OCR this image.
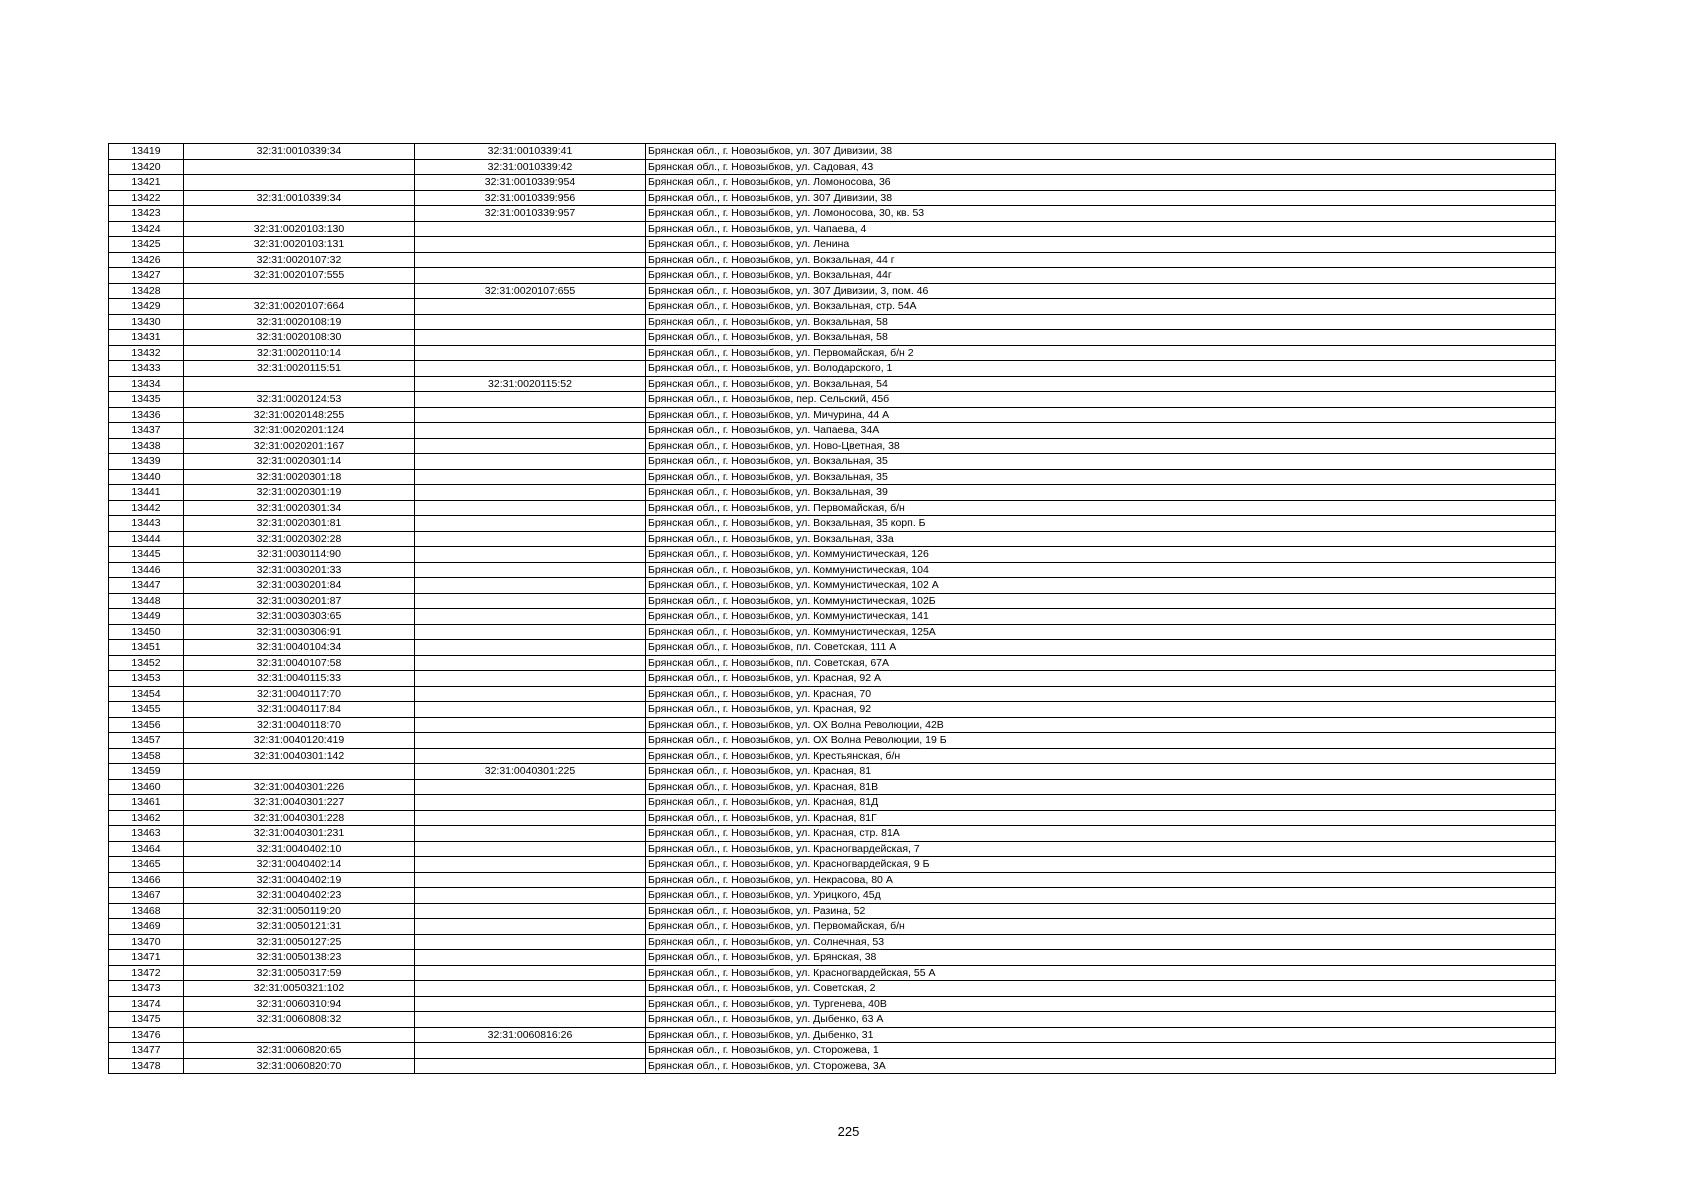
13419	32:31:0010339:34	32:31:0010339:41	Брянская обл., г. Новозыбков, ул. 307 Дивизии, 38
13420		32:31:0010339:42	Брянская обл., г. Новозыбков, ул. Садовая, 43
13421		32:31:0010339:954	Брянская обл., г. Новозыбков, ул. Ломоносова, 36
13422	32:31:0010339:34	32:31:0010339:956	Брянская обл., г. Новозыбков, ул. 307 Дивизии, 38
13423		32:31:0010339:957	Брянская обл., г. Новозыбков, ул. Ломоносова, 30, кв. 53
13424	32:31:0020103:130		Брянская обл., г. Новозыбков, ул. Чапаева, 4
13425	32:31:0020103:131		Брянская обл., г. Новозыбков, ул. Ленина
13426	32:31:0020107:32		Брянская обл., г. Новозыбков, ул. Вокзальная, 44 г
13427	32:31:0020107:555		Брянская обл., г. Новозыбков, ул. Вокзальная, 44г
13428		32:31:0020107:655	Брянская обл., г. Новозыбков, ул. 307 Дивизии, 3, пом. 46
13429	32:31:0020107:664		Брянская обл., г. Новозыбков, ул. Вокзальная, стр. 54А
13430	32:31:0020108:19		Брянская обл., г. Новозыбков, ул. Вокзальная, 58
13431	32:31:0020108:30		Брянская обл., г. Новозыбков, ул. Вокзальная, 58
13432	32:31:0020110:14		Брянская обл., г. Новозыбков, ул. Первомайская, б/н 2
13433	32:31:0020115:51		Брянская обл., г. Новозыбков, ул. Володарского, 1
13434		32:31:0020115:52	Брянская обл., г. Новозыбков, ул. Вокзальная, 54
13435	32:31:0020124:53		Брянская обл., г. Новозыбков, пер. Сельский, 45б
13436	32:31:0020148:255		Брянская обл., г. Новозыбков, ул. Мичурина, 44 А
13437	32:31:0020201:124		Брянская обл., г. Новозыбков, ул. Чапаева, 34А
13438	32:31:0020201:167		Брянская обл., г. Новозыбков, ул. Ново-Цветная, 38
13439	32:31:0020301:14		Брянская обл., г. Новозыбков, ул. Вокзальная, 35
13440	32:31:0020301:18		Брянская обл., г. Новозыбков, ул. Вокзальная, 35
13441	32:31:0020301:19		Брянская обл., г. Новозыбков, ул. Вокзальная, 39
13442	32:31:0020301:34		Брянская обл., г. Новозыбков, ул. Первомайская, б/н
13443	32:31:0020301:81		Брянская обл., г. Новозыбков, ул. Вокзальная, 35 корп. Б
13444	32:31:0020302:28		Брянская обл., г. Новозыбков, ул. Вокзальная, 33а
13445	32:31:0030114:90		Брянская обл., г. Новозыбков, ул. Коммунистическая, 126
13446	32:31:0030201:33		Брянская обл., г. Новозыбков, ул. Коммунистическая, 104
13447	32:31:0030201:84		Брянская обл., г. Новозыбков, ул. Коммунистическая, 102 А
13448	32:31:0030201:87		Брянская обл., г. Новозыбков, ул. Коммунистическая, 102Б
13449	32:31:0030303:65		Брянская обл., г. Новозыбков, ул. Коммунистическая, 141
13450	32:31:0030306:91		Брянская обл., г. Новозыбков, ул. Коммунистическая, 125А
13451	32:31:0040104:34		Брянская обл., г. Новозыбков, пл. Советская, 111 А
13452	32:31:0040107:58		Брянская обл., г. Новозыбков, пл. Советская, 67А
13453	32:31:0040115:33		Брянская обл., г. Новозыбков, ул. Красная, 92 А
13454	32:31:0040117:70		Брянская обл., г. Новозыбков, ул. Красная, 70
13455	32:31:0040117:84		Брянская обл., г. Новозыбков, ул. Красная, 92
13456	32:31:0040118:70		Брянская обл., г. Новозыбков, ул. ОХ Волна Революции, 42В
13457	32:31:0040120:419		Брянская обл., г. Новозыбков, ул. ОХ Волна Революции, 19 Б
13458	32:31:0040301:142		Брянская обл., г. Новозыбков, ул. Крестьянская, б/н
13459		32:31:0040301:225	Брянская обл., г. Новозыбков, ул. Красная, 81
13460	32:31:0040301:226		Брянская обл., г. Новозыбков, ул. Красная, 81В
13461	32:31:0040301:227		Брянская обл., г. Новозыбков, ул. Красная, 81Д
13462	32:31:0040301:228		Брянская обл., г. Новозыбков, ул. Красная, 81Г
13463	32:31:0040301:231		Брянская обл., г. Новозыбков, ул. Красная, стр. 81А
13464	32:31:0040402:10		Брянская обл., г. Новозыбков, ул. Красногвардейская, 7
13465	32:31:0040402:14		Брянская обл., г. Новозыбков, ул. Красногвардейская, 9 Б
13466	32:31:0040402:19		Брянская обл., г. Новозыбков, ул. Некрасова, 80 А
13467	32:31:0040402:23		Брянская обл., г. Новозыбков, ул. Урицкого, 45д
13468	32:31:0050119:20		Брянская обл., г. Новозыбков, ул. Разина, 52
13469	32:31:0050121:31		Брянская обл., г. Новозыбков, ул. Первомайская, б/н
13470	32:31:0050127:25		Брянская обл., г. Новозыбков, ул. Солнечная, 53
13471	32:31:0050138:23		Брянская обл., г. Новозыбков, ул. Брянская, 38
13472	32:31:0050317:59		Брянская обл., г. Новозыбков, ул. Красногвардейская, 55 А
13473	32:31:0050321:102		Брянская обл., г. Новозыбков, ул. Советская, 2
13474	32:31:0060310:94		Брянская обл., г. Новозыбков, ул. Тургенева, 40В
13475	32:31:0060808:32		Брянская обл., г. Новозыбков, ул. Дыбенко, 63 А
13476		32:31:0060816:26	Брянская обл., г. Новозыбков, ул. Дыбенко, 31
13477	32:31:0060820:65		Брянская обл., г. Новозыбков, ул. Сторожева, 1
13478	32:31:0060820:70		Брянская обл., г. Новозыбков, ул. Сторожева, 3А
225
